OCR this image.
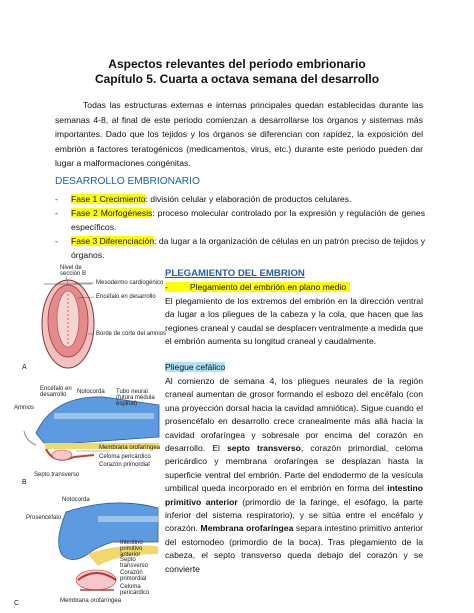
Aspectos relevantes del periodo embrionario
Capítulo 5. Cuarta a octava semana del desarrollo
Todas las estructuras externas e internas principales quedan establecidas durante las semanas 4-8, al final de este periodo comienzan a desarrollarse los órganos y sistemas más importantes. Dado que los tejidos y los órganos se diferencian con rapidez, la exposición del embrión a factores teratogénicos (medicamentos, virus, etc.) durante este periodo pueden dar lugar a malformaciones congénitas.
DESARROLLO EMBRIONARIO
- Fase 1 Crecimiento: división celular y elaboración de productos celulares.
- Fase 2 Morfogénesis: proceso molecular controlado por la expresión y regulación de genes específicos.
- Fase 3 Diferenciación: da lugar a la organización de células en un patrón preciso de tejidos y órganos.
Nivel de sección B
Mesodermo cardiogénico
Encéfalo en desarrollo
Borde de corte del amnios
A
Encéfalo en desarrollo	Notocorda Tubo neural (futura médula espinal)
Amnios
Membrana orofaríngea
Celoma pericárdico
Corazón primordial
Septo transverso
B
Notocorda
Prosencéfalo
Intestino primitivo anterior
Septo transverso
Corazón primordial
Celoma pericárdico
Membrana orofaríngea
C
PLEGAMIENTO DEL EMBRION
-	Plegamiento del embrión en plano medio
El plegamiento de los extremos del embrión en la dirección ventral da lugar a los pliegues de la cabeza y la cola, que hacen que las regiones craneal y caudal se desplacen ventralmente a medida que el embrión aumenta su longitud craneal y caudalmente.
Pliegue cefálico
Al comienzo de semana 4, los pliegues neurales de la región craneal aumentan de grosor formando el esbozo del encéfalo (con una proyección dorsal hacia la cavidad amniótica). Sigue cuando el prosencéfalo en desarrollo crece cranealmente más allá hacia la cavidad orofaríngea y sobresale por encima del corazón en desarrollo. El septo transverso, corazón primordial, celoma pericárdico y membrana orofaríngea se desplazan hasta la superficie ventral del embrión. Parte del endodermo de la vesícula umbilical queda incorporado en el embrión en forma del intestino primitivo anterior (primordio de la faringe, el esófago, la parte inferior del sistema respiratorio), y se sitúa entre el encéfalo y corazón. Membrana orofaríngea separa intestino primitivo anterior del estomodeo (primordio de la boca). Tras plegamiento de la cabeza, el septo transverso queda debajo del corazón y se convierte
